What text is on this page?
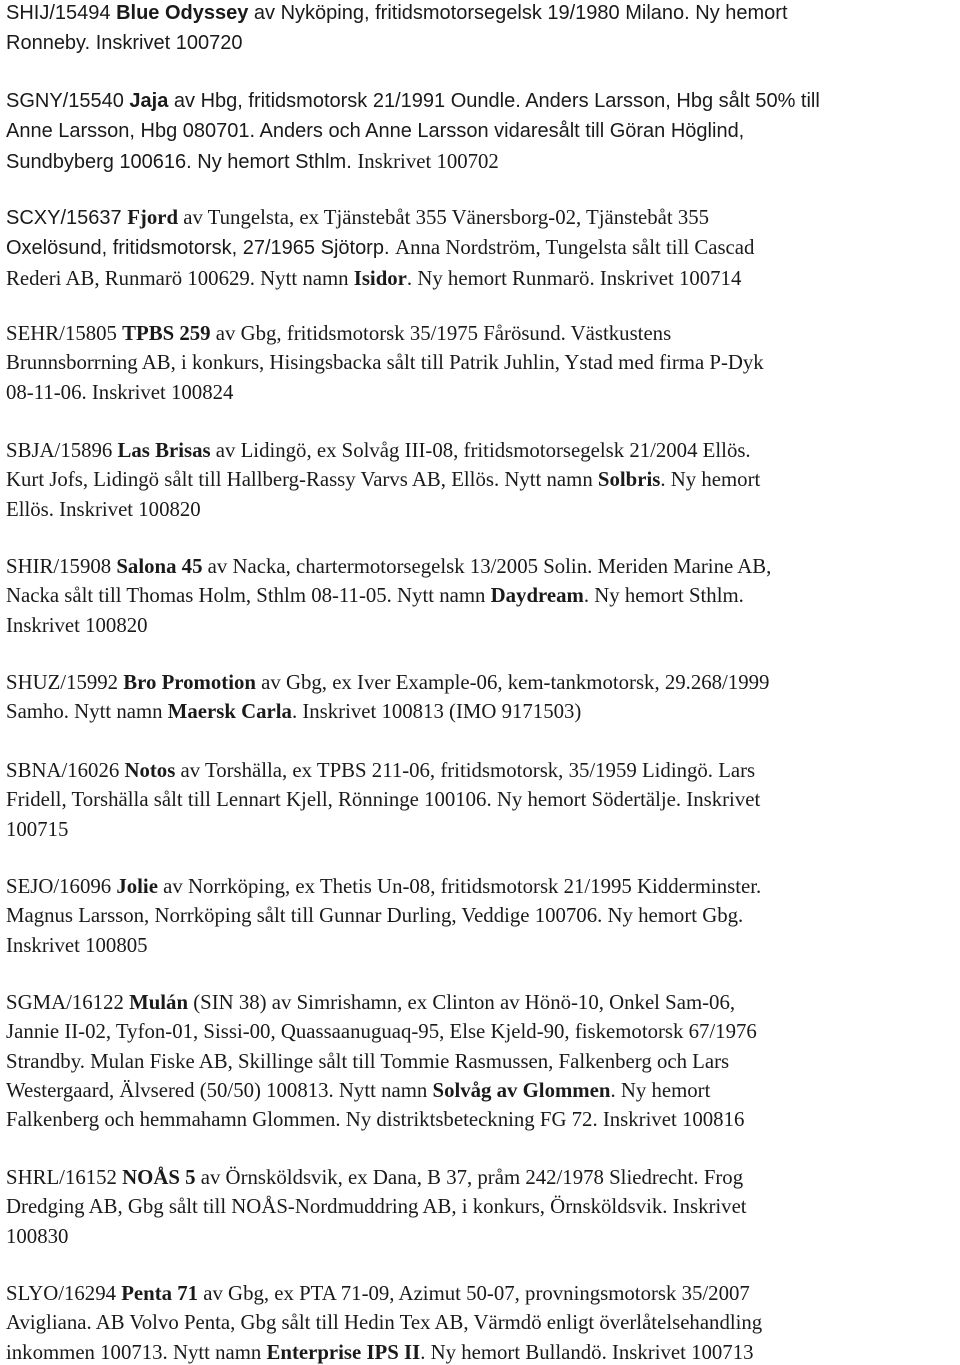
SHIJ/15494 Blue Odyssey av Nyköping, fritidsmotorsegelsk 19/1980 Milano. Ny hemort
Ronneby. Inskrivet 100720

SGNY/15540 Jaja av Hbg, fritidsmotorsk 21/1991 Oundle. Anders Larsson, Hbg sålt 50% till
Anne Larsson, Hbg 080701. Anders och Anne Larsson vidaresålt till Göran Höglind,
Sundbyberg 100616. Ny hemort Sthlm. Inskrivet 100702

SCXY/15637 Fjord av Tungelsta, ex Tjänstebåt 355 Vänersborg-02, Tjänstebåt 355
Oxelösund, fritidsmotorsk, 27/1965 Sjötorp. Anna Nordström, Tungelsta sålt till Cascad
Rederi AB, Runmarö 100629. Nytt namn Isidor. Ny hemort Runmarö. Inskrivet 100714

SEHR/15805 TPBS 259 av Gbg, fritidsmotorsk 35/1975 Fårösund. Västkustens
Brunnsborrning AB, i konkurs, Hisingsbacka sålt till Patrik Juhlin, Ystad med firma P-Dyk
08-11-06. Inskrivet 100824

SBJA/15896 Las Brisas av Lidingö, ex Solvåg III-08, fritidsmotorsegelsk 21/2004 Ellös.
Kurt Jofs, Lidingö sålt till Hallberg-Rassy Varvs AB, Ellös. Nytt namn Solbris. Ny hemort
Ellös. Inskrivet 100820

SHIR/15908 Salona 45 av Nacka, chartermotorsegelsk 13/2005 Solin. Meriden Marine AB,
Nacka sålt till Thomas Holm, Sthlm 08-11-05. Nytt namn Daydream. Ny hemort Sthlm.
Inskrivet 100820

SHUZ/15992 Bro Promotion av Gbg, ex Iver Example-06, kem-tankmotorsk, 29.268/1999
Samho. Nytt namn Maersk Carla. Inskrivet 100813 (IMO 9171503)

SBNA/16026 Notos av Torshälla, ex TPBS 211-06, fritidsmotorsk, 35/1959 Lidingö. Lars
Fridell, Torshälla sålt till Lennart Kjell, Rönninge 100106. Ny hemort Södertälje. Inskrivet
100715

SEJO/16096 Jolie av Norrköping, ex Thetis Un-08, fritidsmotorsk 21/1995 Kidderminster.
Magnus Larsson, Norrköping sålt till Gunnar Durling, Veddige 100706. Ny hemort Gbg.
Inskrivet 100805

SGMA/16122 Mulán (SIN 38) av Simrishamn, ex Clinton av Hönö-10, Onkel Sam-06,
Jannie II-02, Tyfon-01, Sissi-00, Quassaanuguaq-95, Else Kjeld-90, fiskemotorsk 67/1976
Strandby. Mulan Fiske AB, Skillinge sålt till Tommie Rasmussen, Falkenberg och Lars
Westergaard, Älvsered (50/50) 100813. Nytt namn Solvåg av Glommen. Ny hemort
Falkenberg och hemmahamn Glommen. Ny distriktsbeteckning FG 72. Inskrivet 100816

SHRL/16152 NOÅS 5 av Örnsköldsvik, ex Dana, B 37, pråm 242/1978 Sliedrecht. Frog
Dredging AB, Gbg sålt till NOÅS-Nordmuddring AB, i konkurs, Örnsköldsvik. Inskrivet
100830

SLYO/16294 Penta 71 av Gbg, ex PTA 71-09, Azimut 50-07, provningsmotorsk 35/2007
Avigliana. AB Volvo Penta, Gbg sålt till Hedin Tex AB, Värmdö enligt överlåtelsehandling
inkommen 100713. Nytt namn Enterprise IPS II. Ny hemort Bullandö. Inskrivet 100713
